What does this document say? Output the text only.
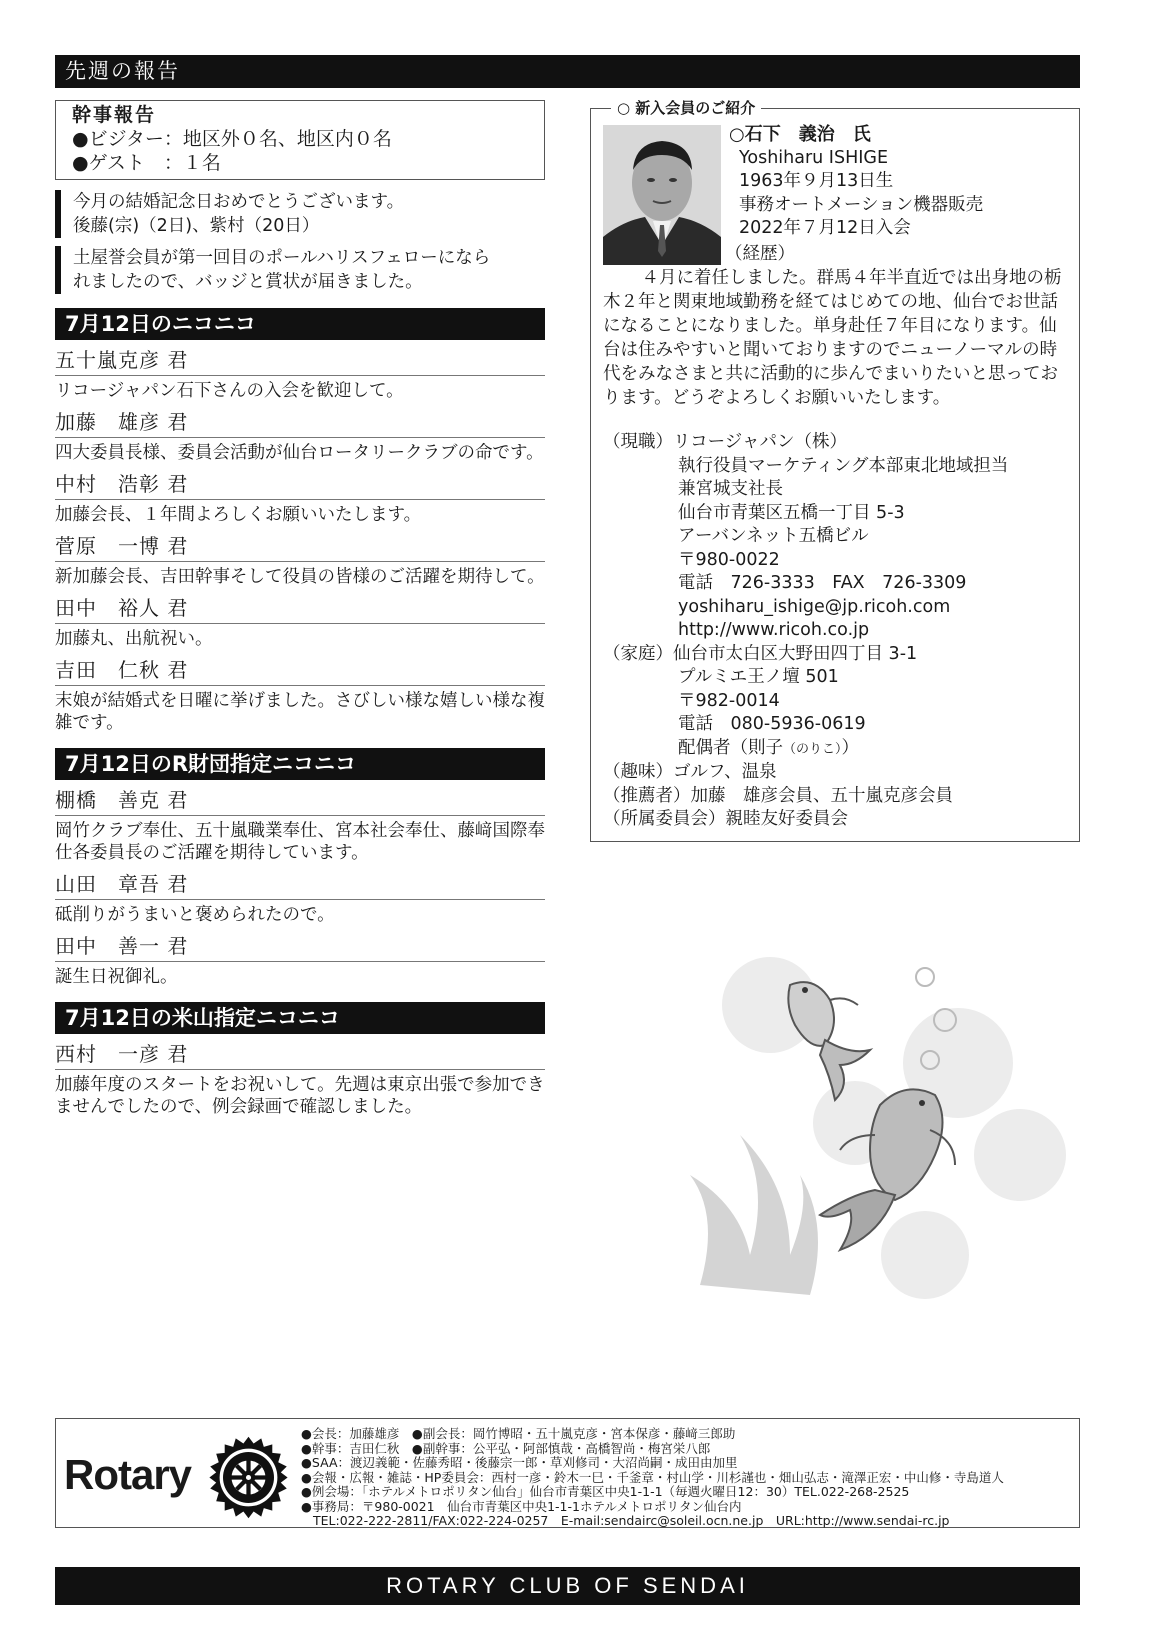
先週の報告
幹事報告
●ビジター：地区外０名、地区内０名
●ゲスト　：１名
今月の結婚記念日おめでとうございます。
後藤(宗)（2日)、紫村（20日）
土屋誉会員が第一回目のポールハリスフェローになら
れましたので、バッジと賞状が届きました。
7月12日のニコニコ
五十嵐克彦 君
リコージャパン石下さんの入会を歓迎して。
加藤　雄彦 君
四大委員長様、委員会活動が仙台ロータリークラブの命です。
中村　浩彰 君
加藤会長、１年間よろしくお願いいたします。
菅原　一博 君
新加藤会長、吉田幹事そして役員の皆様のご活躍を期待して。
田中　裕人 君
加藤丸、出航祝い。
吉田　仁秋 君
末娘が結婚式を日曜に挙げました。さびしい様な嬉しい様な複雑です。
7月12日のR財団指定ニコニコ
棚橋　善克 君
岡竹クラブ奉仕、五十嵐職業奉仕、宮本社会奉仕、藤﨑国際奉仕各委員長のご活躍を期待しています。
山田　章吾 君
砥削りがうまいと褒められたので。
田中　善一 君
誕生日祝御礼。
7月12日の米山指定ニコニコ
西村　一彦 君
加藤年度のスタートをお祝いして。先週は東京出張で参加できませんでしたので、例会録画で確認しました。
○ 新入会員のご紹介
○石下　義治　氏
Yoshiharu ISHIGE
1963年９月13日生
事務オートメーション機器販売
2022年７月12日入会
（経歴）
４月に着任しました。群馬４年半直近では出身地の栃木２年と関東地域勤務を経てはじめての地、仙台でお世話になることになりました。単身赴任７年目になります。仙台は住みやすいと聞いておりますのでニューノーマルの時代をみなさまと共に活動的に歩んでまいりたいと思っております。どうぞよろしくお願いいたします。
（現職） リコージャパン（株）
執行役員マーケティング本部東北地域担当
兼宮城支社長
仙台市青葉区五橋一丁目 5-3
アーバンネット五橋ビル
〒980-0022
電話　726-3333　FAX　726-3309
yoshiharu_ishige@jp.ricoh.com
http://www.ricoh.co.jp
（家庭） 仙台市太白区大野田四丁目 3-1
プルミエ王ノ壇 501
〒982-0014
電話　080-5936-0619
配偶者（則子（のりこ））
（趣味）ゴルフ、温泉
（推薦者）加藤　雄彦会員、五十嵐克彦会員
（所属委員会）親睦友好委員会
Rotary
●会長：加藤雄彦　●副会長：岡竹博昭・五十嵐克彦・宮本保彦・藤﨑三郎助
●幹事：吉田仁秋　●副幹事：公平弘・阿部慎哉・高橋智尚・梅宮栄八郎
●SAA：渡辺義範・佐藤秀昭・後藤宗一郎・草刈修司・大沼尚嗣・成田由加里
●会報・広報・雑誌・HP委員会：西村一彦・鈴木一巳・千釜章・村山学・川杉謹也・畑山弘志・滝澤正宏・中山修・寺島道人
●例会場：「ホテルメトロポリタン仙台」仙台市青葉区中央1-1-1（毎週火曜日12：30）TEL.022-268-2525
●事務局：〒980-0021　仙台市青葉区中央1-1-1ホテルメトロポリタン仙台内
TEL:022-222-2811/FAX:022-224-0257　E-mail:sendairc@soleil.ocn.ne.jp　URL:http://www.sendai-rc.jp
ROTARY CLUB OF SENDAI
